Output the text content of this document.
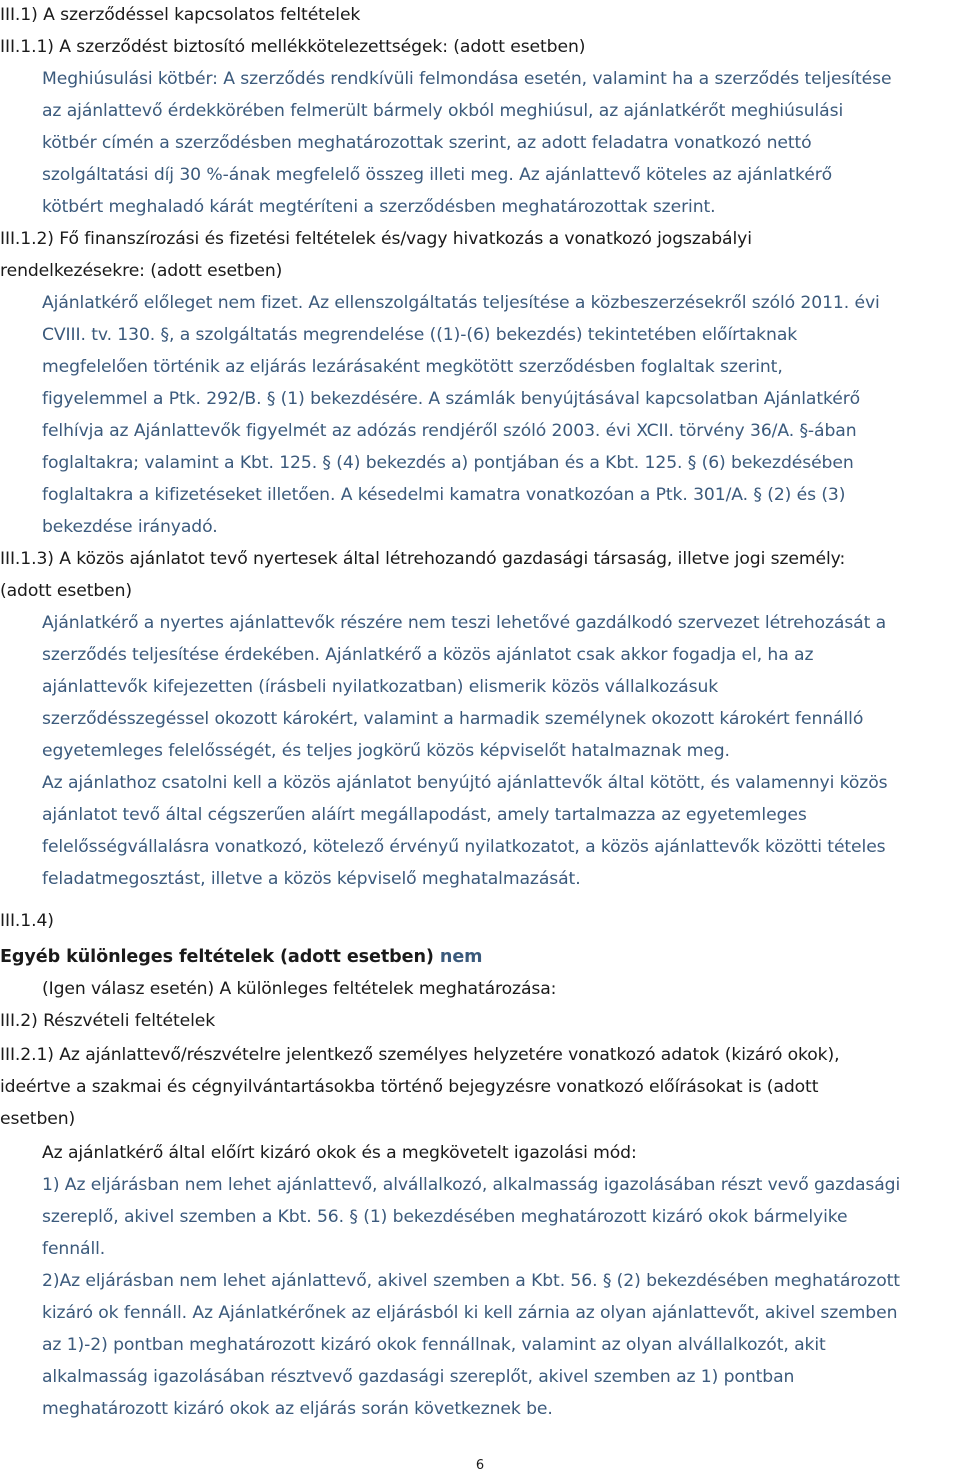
III.1) A szerződéssel kapcsolatos feltételek
III.1.1) A szerződést biztosító mellékkötelezettségek: (adott esetben)
Meghiúsulási kötbér: A szerződés rendkívüli felmondása esetén, valamint ha a szerződés teljesítése
az ajánlattevő érdekkörében felmerült bármely okból meghiúsul, az ajánlatkérőt meghiúsulási
kötbér címén a szerződésben meghatározottak szerint, az adott feladatra vonatkozó nettó
szolgáltatási díj 30 %-ának megfelelő összeg illeti meg. Az ajánlattevő köteles az ajánlatkérő
kötbért meghaladó kárát megtéríteni a szerződésben meghatározottak szerint.
III.1.2) Fő finanszírozási és fizetési feltételek és/vagy hivatkozás a vonatkozó jogszabályi
rendelkezésekre: (adott esetben)
Ajánlatkérő előleget nem fizet. Az ellenszolgáltatás teljesítése a közbeszerzésekről szóló 2011. évi
CVIII. tv. 130. §, a szolgáltatás megrendelése ((1)-(6) bekezdés) tekintetében előírtaknak
megfelelően történik az eljárás lezárásaként megkötött szerződésben foglaltak szerint,
figyelemmel a Ptk. 292/B. § (1) bekezdésére. A számlák benyújtásával kapcsolatban Ajánlatkérő
felhívja az Ajánlattevők figyelmét az adózás rendjéről szóló 2003. évi XCII. törvény 36/A. §-ában
foglaltakra; valamint a Kbt. 125. § (4) bekezdés a) pontjában és a Kbt. 125. § (6) bekezdésében
foglaltakra a kifizetéseket illetően. A késedelmi kamatra vonatkozóan a Ptk. 301/A. § (2) és (3)
bekezdése irányadó.
III.1.3) A közös ajánlatot tevő nyertesek által létrehozandó gazdasági társaság, illetve jogi személy:
(adott esetben)
Ajánlatkérő a nyertes ajánlattevők részére nem teszi lehetővé gazdálkodó szervezet létrehozását a
szerződés teljesítése érdekében. Ajánlatkérő a közös ajánlatot csak akkor fogadja el, ha az
ajánlattevők kifejezetten (írásbeli nyilatkozatban) elismerik közös vállalkozásuk
szerződésszegéssel okozott károkért, valamint a harmadik személynek okozott károkért fennálló
egyetemleges felelősségét, és teljes jogkörű közös képviselőt hatalmaznak meg.
Az ajánlathoz csatolni kell a közös ajánlatot benyújtó ajánlattevők által kötött, és valamennyi közös
ajánlatot tevő által cégszerűen aláírt megállapodást, amely tartalmazza az egyetemleges
felelősségvállalásra vonatkozó, kötelező érvényű nyilatkozatot, a közös ajánlattevők közötti tételes
feladatmegosztást, illetve a közös képviselő meghatalmazását.
III.1.4)
Egyéb különleges feltételek (adott esetben) nem
(Igen válasz esetén) A különleges feltételek meghatározása:
III.2) Részvételi feltételek
III.2.1) Az ajánlattevő/részvételre jelentkező személyes helyzetére vonatkozó adatok (kizáró okok),
ideértve a szakmai és cégnyilvántartásokba történő bejegyzésre vonatkozó előírásokat is (adott
esetben)
Az ajánlatkérő által előírt kizáró okok és a megkövetelt igazolási mód:
1) Az eljárásban nem lehet ajánlattevő, alvállalkozó, alkalmasság igazolásában részt vevő gazdasági
szereplő, akivel szemben a Kbt. 56. § (1) bekezdésében meghatározott kizáró okok bármelyike
fennáll.
2)Az eljárásban nem lehet ajánlattevő, akivel szemben a Kbt. 56. § (2) bekezdésében meghatározott
kizáró ok fennáll. Az Ajánlatkérőnek az eljárásból ki kell zárnia az olyan ajánlattevőt, akivel szemben
az 1)-2) pontban meghatározott kizáró okok fennállnak, valamint az olyan alvállalkozót, akit
alkalmasság igazolásában résztvevő gazdasági szereplőt, akivel szemben az 1) pontban
meghatározott kizáró okok az eljárás során következnek be.
6
